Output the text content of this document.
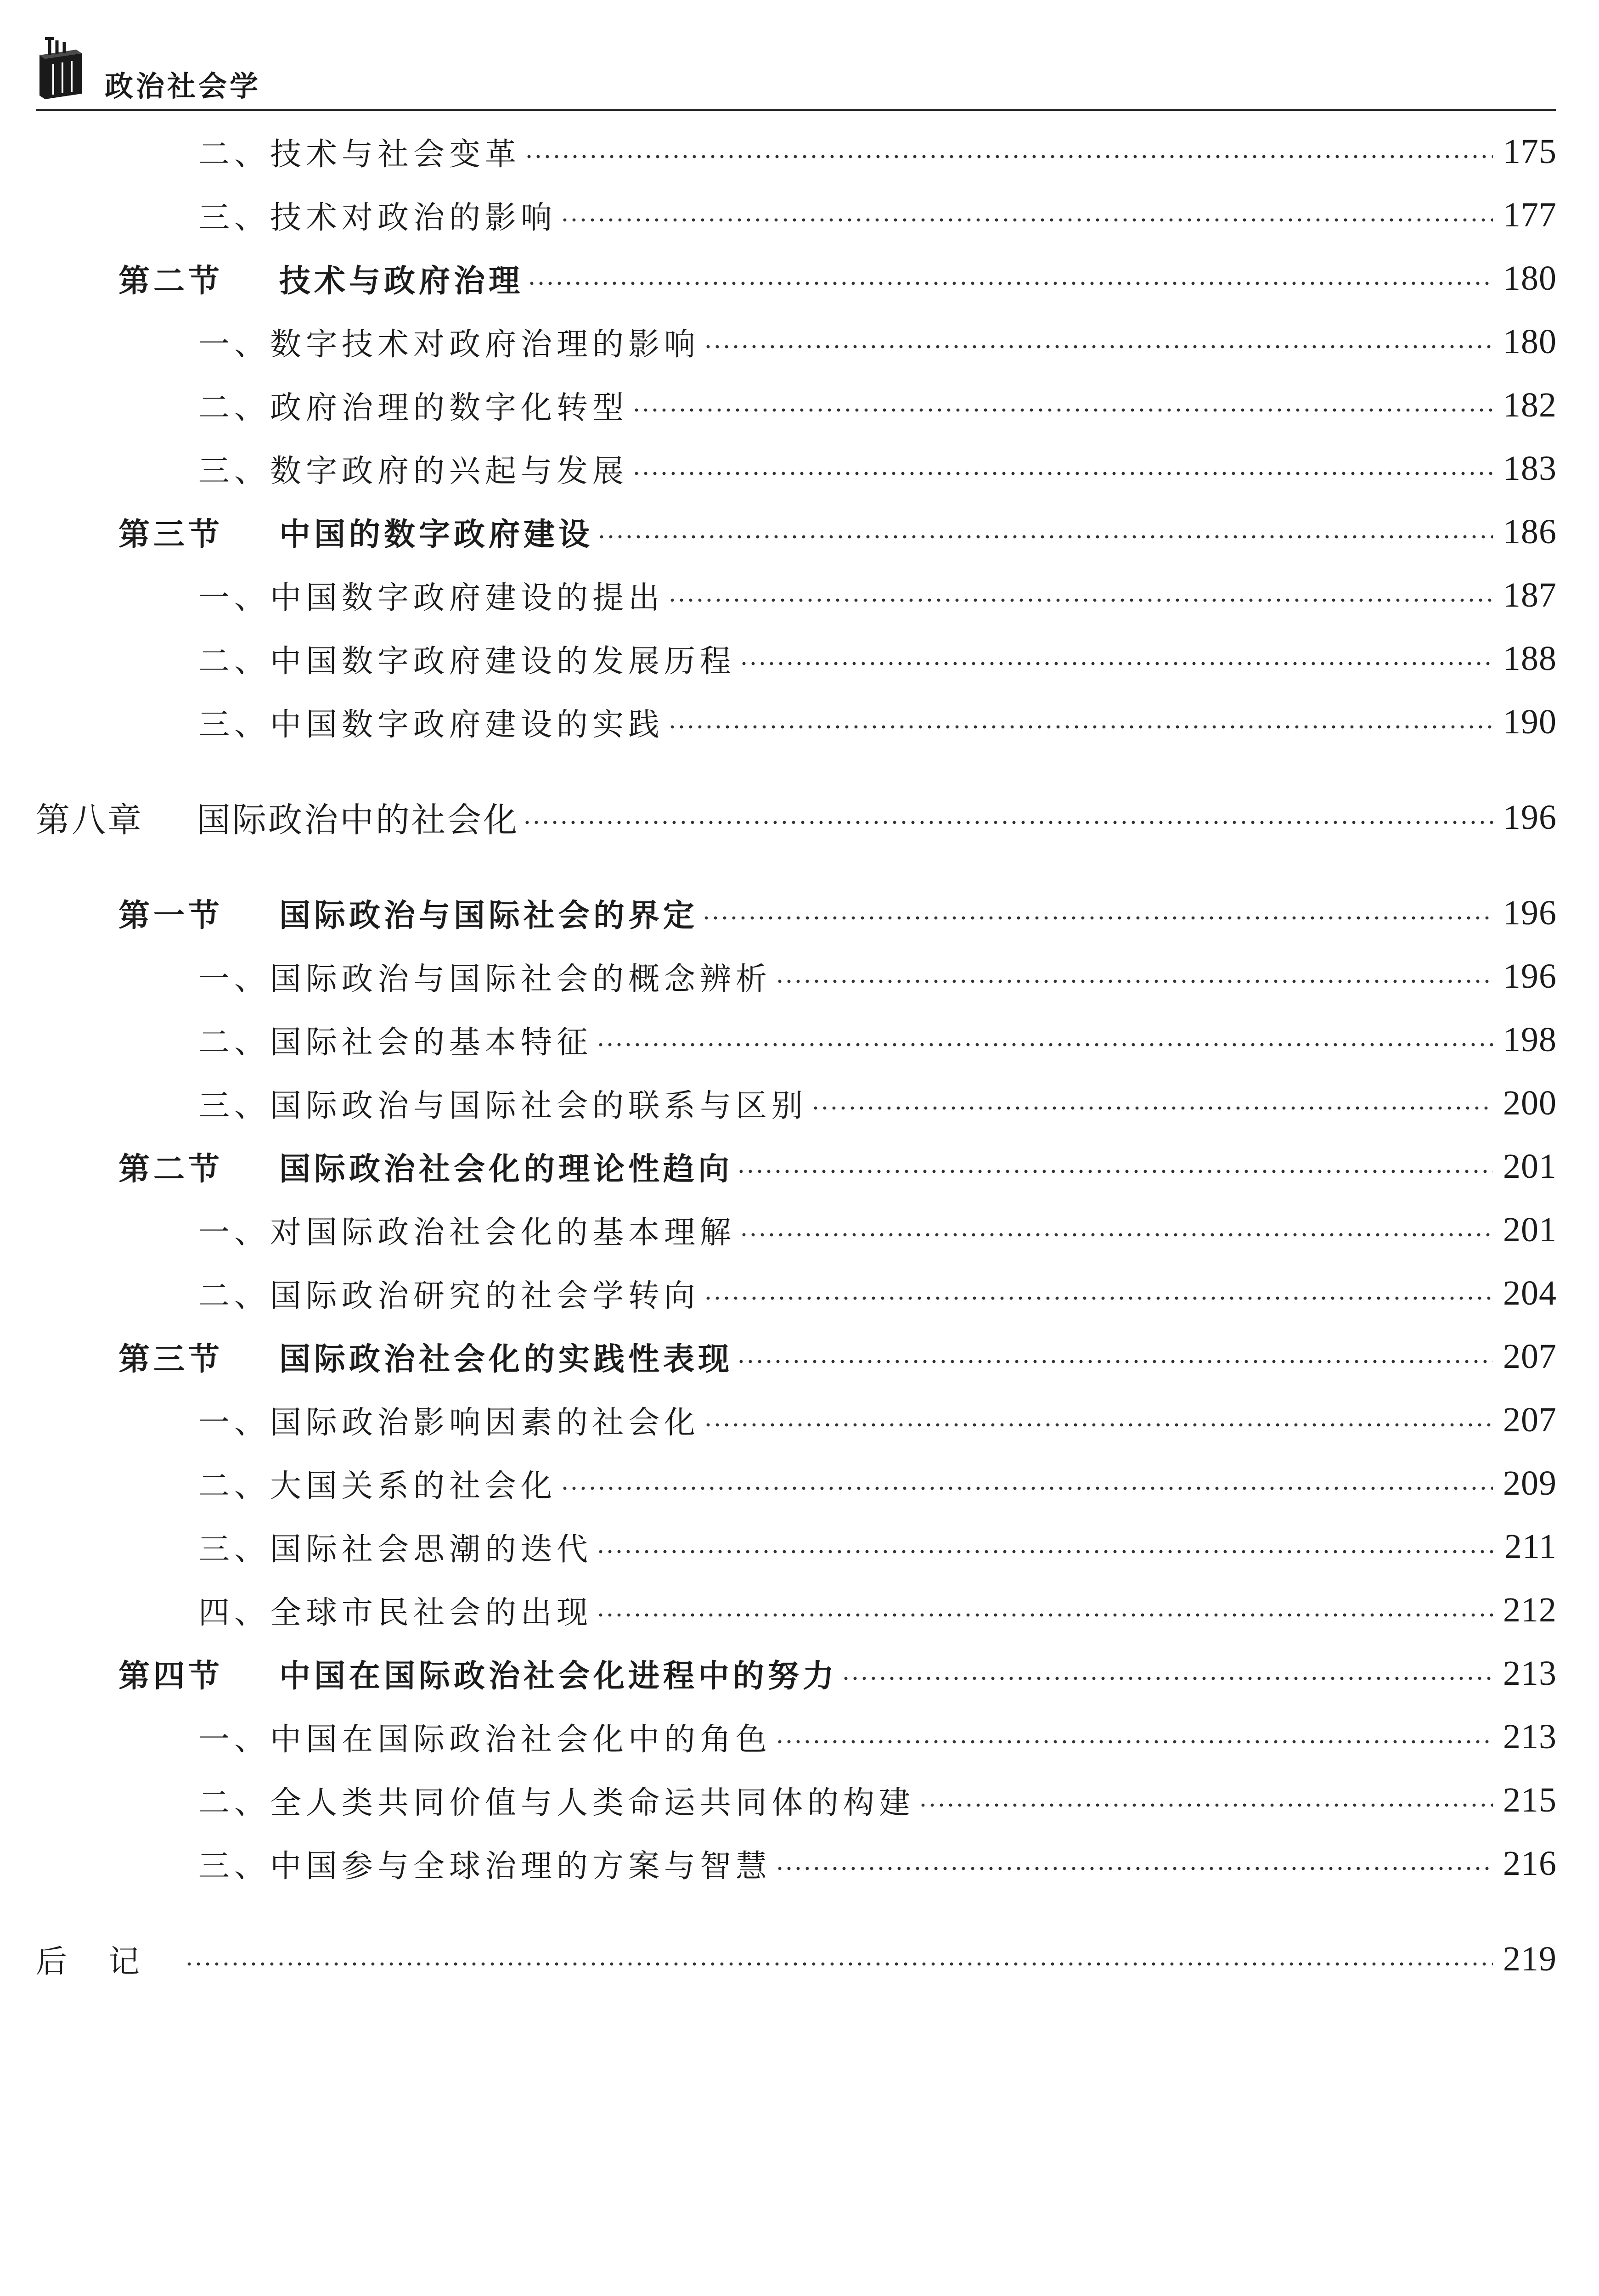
政治社会学
二、技术与社会变革	175
三、技术对政治的影响	177
第二节 技术与政府治理	180
一、数字技术对政府治理的影响	180
二、政府治理的数字化转型	182
三、数字政府的兴起与发展	183
第三节 中国的数字政府建设	186
一、中国数字政府建设的提出	187
二、中国数字政府建设的发展历程	188
三、中国数字政府建设的实践	190
第八章 国际政治中的社会化	196
第一节 国际政治与国际社会的界定	196
一、国际政治与国际社会的概念辨析	196
二、国际社会的基本特征	198
三、国际政治与国际社会的联系与区别	200
第二节 国际政治社会化的理论性趋向	201
一、对国际政治社会化的基本理解	201
二、国际政治研究的社会学转向	204
第三节 国际政治社会化的实践性表现	207
一、国际政治影响因素的社会化	207
二、大国关系的社会化	209
三、国际社会思潮的迭代	211
四、全球市民社会的出现	212
第四节 中国在国际政治社会化进程中的努力	213
一、中国在国际政治社会化中的角色	213
二、全人类共同价值与人类命运共同体的构建	215
三、中国参与全球治理的方案与智慧	216
后记	219
